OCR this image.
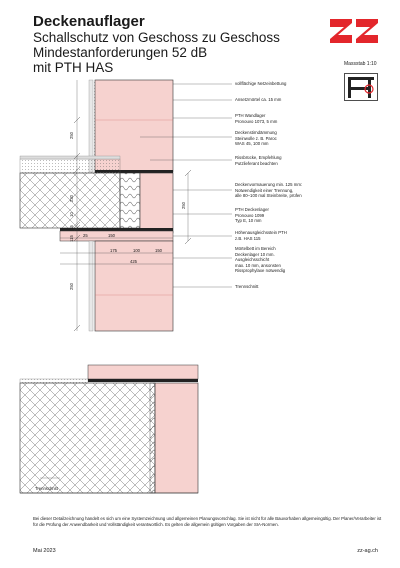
Deckenauflager
Schallschutz von Geschoss zu Geschoss
Mindestanforderungen 52 dB
mit PTH HAS	Massstab 1:10
250
230
10
15
115
250
250
25	150
175	100	150
425
vollflächige Netzeinbettung
Ansetzmörtel ca. 15 mm
PTH Wandlager
Pronouvo 1073, 5 mm
Deckenstirndämmung
Steinwolle z. B. Paroc
WAS 45, 100 mm
Rissbrücke, Empfehlung
Putzlieferant beachten
Deckenvormauerung min. 125 mm:
Notwendigkeit einer Trennung,
alle 80–100 mal Steinbreite, prüfen
PTH Deckenlager
Pronouvo 1099
Typ E, 10 mm
Höhenausgleichsstein PTH
z.B. HAS 115
Mörtelbett im Bereich
Deckenlager 10 mm.
Ausgleichsschicht
max. 10 mm, ansonsten
Rissprophylaxe notwendig
Trennschnitt
Trennschnitt
Bei dieser Detailzeichnung handelt es sich um eine Systemzeichnung und allgemeinen Planungsvorschlag. Sie ist nicht für alle Bauvorhaben allgemeingültig. Der Planer/Verarbeiter ist für die Prüfung der Anwendbarkeit und Vollständigkeit verantwortlich. Es gelten die allgemein gültigen Vorgaben der SIA-Normen.
Mai 2023	zz-ag.ch
